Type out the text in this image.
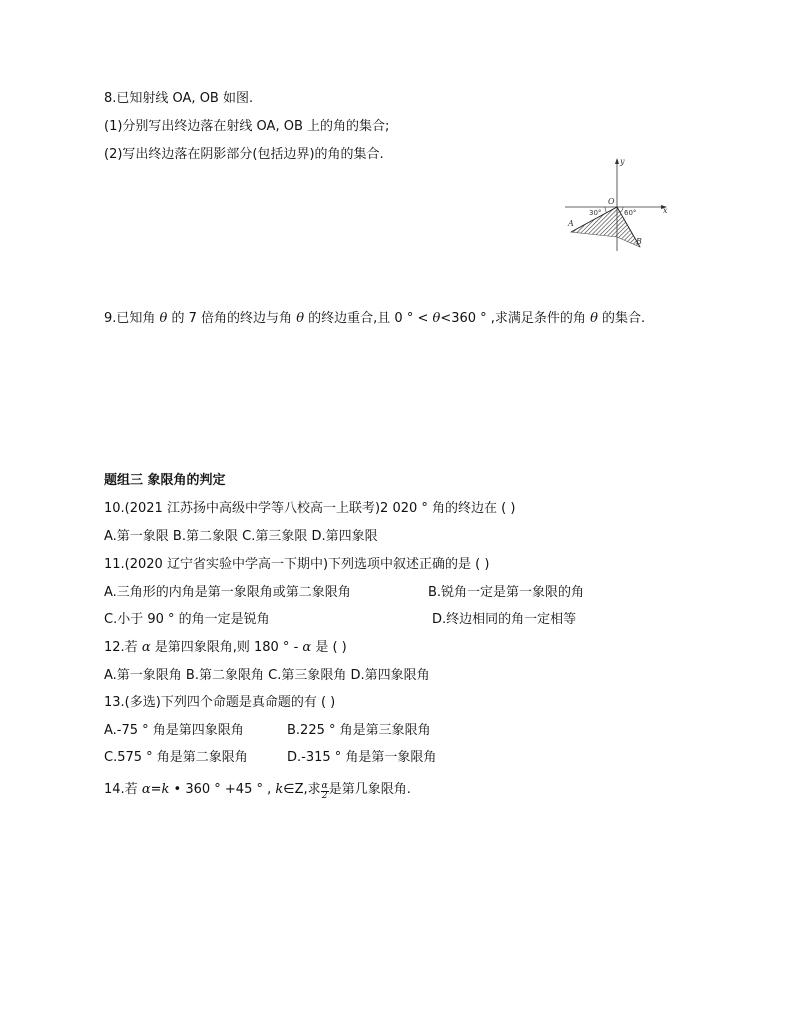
8.已知射线 OA, OB 如图.
(1)分别写出终边落在射线 OA, OB 上的角的集合;
(2)写出终边落在阴影部分(包括边界)的角的集合.	y
x
O
A
B
30°	60°
9.已知角 θ 的 7 倍角的终边与角 θ 的终边重合,且 0 ° < θ<360 ° ,求满足条件的角 θ 的集合.
题组三 象限角的判定
10.(2021 江苏扬中高级中学等八校高一上联考)2 020 ° 角的终边在 ( )
A.第一象限 B.第二象限 C.第三象限 D.第四象限
11.(2020 辽宁省实验中学高一下期中)下列选项中叙述正确的是 ( )
A.三角形的内角是第一象限角或第二象限角	B.锐角一定是第一象限的角
C.小于 90 ° 的角一定是锐角	D.终边相同的角一定相等
12.若 α 是第四象限角,则 180 ° - α 是 ( )
A.第一象限角 B.第二象限角 C.第三象限角 D.第四象限角
13.(多选)下列四个命题是真命题的有 ( )
A.-75 ° 角是第四象限角	B.225 ° 角是第三象限角
C.575 ° 角是第二象限角	D.-315 ° 角是第一象限角
14.若 α=k • 360 ° +45 ° , k∈Z,求 $\frac{\alpha}{2}$ 是第几象限角.
